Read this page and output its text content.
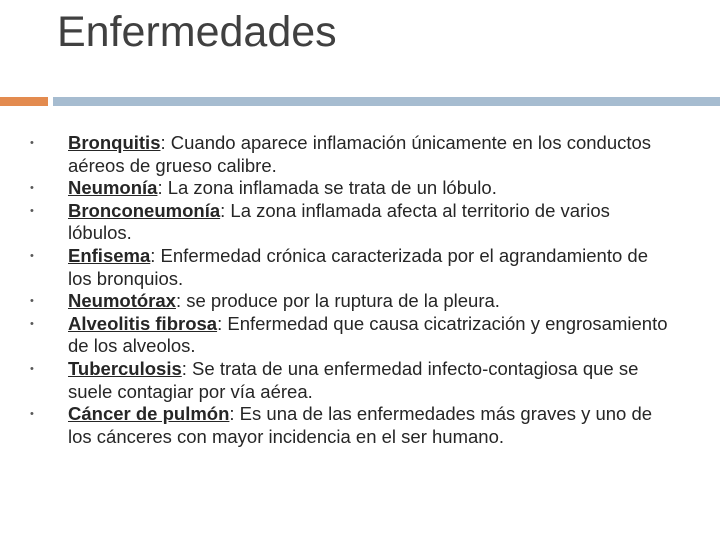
Enfermedades
• Bronquitis: Cuando aparece inflamación únicamente en los conductos aéreos de grueso calibre.
• Neumonía: La zona inflamada se trata de un lóbulo.
• Bronconeumonía: La zona inflamada afecta al territorio de varios lóbulos.
• Enfisema: Enfermedad crónica caracterizada por el agrandamiento de los bronquios.
• Neumotórax: se produce por la ruptura de la pleura.
• Alveolitis fibrosa: Enfermedad que causa cicatrización y engrosamiento de los alveolos.
• Tuberculosis: Se trata de una enfermedad infecto-contagiosa que se suele contagiar por vía aérea.
• Cáncer de pulmón: Es una de las enfermedades más graves y uno de los cánceres con mayor incidencia en el ser humano.
